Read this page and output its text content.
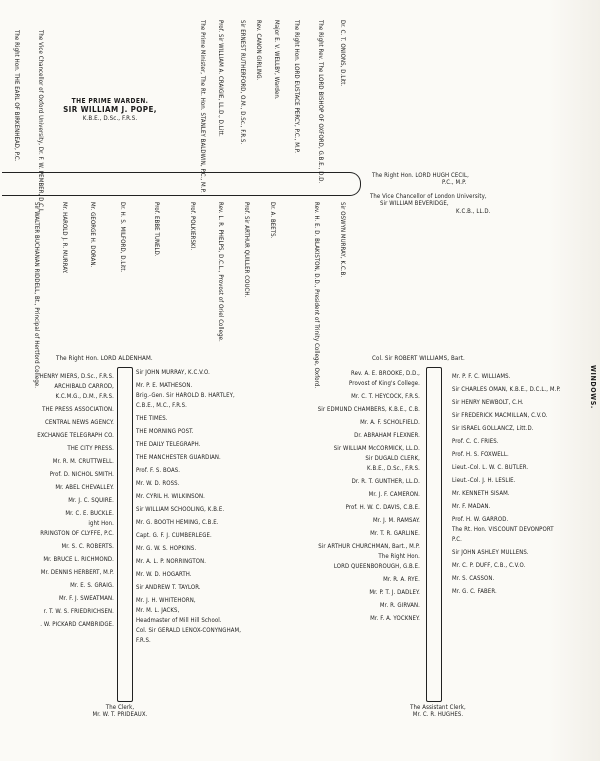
WINDOWS.
THE PRIME WARDEN.
SIR WILLIAM J. POPE,
K.B.E., D.Sc., F.R.S.
Dr. C. T. ONIONS, D.Litt.
The Right Rev. The LORD BISHOP OF OXFORD, G.B.E., D.D.
The Right Hon. LORD EUSTACE PERCY, P.C., M.P.
Major E. V. WELLBY, Warden.
Rev. CANON GIRLING.
Sir ERNEST RUTHERFORD, O.M., D.Sc., F.R.S.
Prof. Sir WILLIAM A. CRAIGIE, LL.D., D.Litt.
The Prime Minister, The Rt. Hon. STANLEY BALDWIN, P.C., M.P.
The Vice Chancellor of Oxford University, Dr. F. W. PEMBER, D.C.L.
The Right Hon. THE EARL OF BIRKENHEAD, P.C.
Sir OSWYN MURRAY, K.C.B.
Rev. H. E. D. BLAKISTON, D.D., President of Trinity College, Oxford.
Dr. A. BEETS.
Prof. Sir ARTHUR QUILLER COUCH.
Rev. L. R. PHELPS, D.C.L., Provost of Oriel College.
Prof. POLKIERSKI.
Prof. EBBE TUNELD.
Dr. H. S. MILFORD, D.Litt.
Mr. GEORGE H. DORAN.
Mr. HAROLD J. R. MURRAY.
Sir WALTER BUCHANAN RIDDELL, Bt., Principal of Hertford College.
The Right Hon. LORD HUGH CECIL,
P.C., M.P.
The Vice Chancellor of London University,
Sir WILLIAM BEVERIDGE,
K.C.B., LL.D.
The Right Hon. LORD ALDENHAM.	Col. Sir ROBERT WILLIAMS, Bart.
HENRY MIERS, D.Sc., F.R.S.
ARCHIBALD CARROD,
K.C.M.G., D.M., F.R.S.
THE PRESS ASSOCIATION.
CENTRAL NEWS AGENCY.
EXCHANGE TELEGRAPH CO.
THE CITY PRESS.
Mr. R. M. CRUTTWELL.
Prof. D. NICHOL SMITH.
Mr. ABEL CHEVALLEY.
Mr. J. C. SQUIRE.
Mr. C. E. BUCKLE.
ight Hon.
RRINGTON OF CLYFFE, P.C.
Mr. S. C. ROBERTS.
Mr. BRUCE L. RICHMOND.
Mr. DENNIS HERBERT, M.P.
Mr. E. S. GRAIG.
Mr. F. J. SWEATMAN.
r. T. W. S. FRIEDRICHSEN.
. W. PICKARD CAMBRIDGE.
Sir JOHN MURRAY, K.C.V.O.
Mr. P. E. MATHESON.
Brig.-Gen. Sir HAROLD B. HARTLEY,
C.B.E., M.C., F.R.S.
THE TIMES.
THE MORNING POST.
THE DAILY TELEGRAPH.
THE MANCHESTER GUARDIAN.
Prof. F. S. BOAS.
Mr. W. D. ROSS.
Mr. CYRIL H. WILKINSON.
Sir WILLIAM SCHOOLING, K.B.E.
Mr. G. BOOTH HEMING, C.B.E.
Capt. G. F. J. CUMBERLEGE.
Mr. G. W. S. HOPKINS.
Mr. A. L. P. NORRINGTON.
Mr. W. D. HOGARTH.
Sir ANDREW T. TAYLOR.
Mr. J. H. WHITEHORN,
Mr. M. L. JACKS,
Headmaster of Mill Hill School.
Col. Sir GERALD LENOX-CONYNGHAM,
F.R.S.
Rev. A. E. BROOKE, D.D.,
Provost of King's College.
Mr. C. T. HEYCOCK, F.R.S.
Sir EDMUND CHAMBERS, K.B.E., C.B.
Mr. A. F. SCHOLFIELD.
Dr. ABRAHAM FLEXNER.
Sir WILLIAM McCORMICK, LL.D.
Sir DUGALD CLERK,
K.B.E., D.Sc., F.R.S.
Dr. R. T. GUNTHER, LL.D.
Mr. J. F. CAMERON.
Prof. H. W. C. DAVIS, C.B.E.
Mr. J. M. RAMSAY.
Mr. T. R. GARLINE.
Sir ARTHUR CHURCHMAN, Bart., M.P.
The Right Hon.
LORD QUEENBOROUGH, G.B.E.
Mr. R. A. RYE.
Mr. P. T. J. DADLEY.
Mr. R. GIRVAN.
Mr. F. A. YOCKNEY.
Mr. P. F. C. WILLIAMS.
Sir CHARLES OMAN, K.B.E., D.C.L., M.P.
Sir HENRY NEWBOLT, C.H.
Sir FREDERICK MACMILLAN, C.V.O.
Sir ISRAEL GOLLANCZ, Litt.D.
Prof. C. C. FRIES.
Prof. H. S. FOXWELL.
Lieut.-Col. L. W. C. BUTLER.
Lieut.-Col. J. H. LESLIE.
Mr. KENNETH SISAM.
Mr. F. MADAN.
Prof. H. W. GARROD.
The Rt. Hon. VISCOUNT DEVONPORT
P.C.
Sir JOHN ASHLEY MULLENS.
Mr. C. P. DUFF, C.B., C.V.O.
Mr. S. CASSON.
Mr. G. C. FABER.
The Clerk,
Mr. W. T. PRIDEAUX.
The Assistant Clerk,
Mr. C. R. HUGHES.
